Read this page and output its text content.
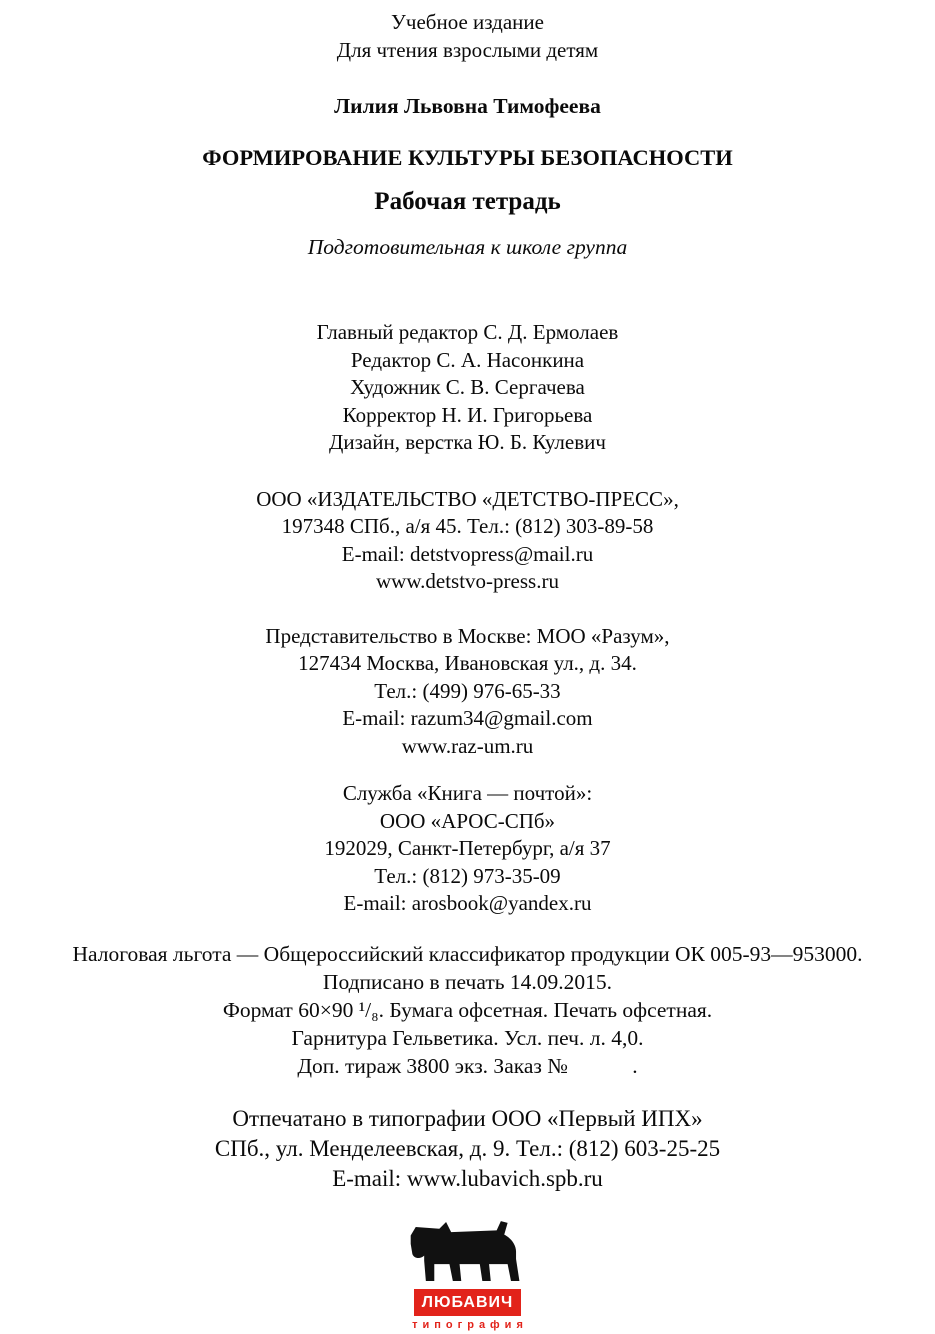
Учебное издание
Для чтения взрослыми детям
Лилия Львовна Тимофеева
ФОРМИРОВАНИЕ КУЛЬТУРЫ БЕЗОПАСНОСТИ
Рабочая тетрадь
Подготовительная к школе группа
Главный редактор С. Д. Ермолаев
Редактор С. А. Насонкина
Художник С. В. Сергачева
Корректор Н. И. Григорьева
Дизайн, верстка Ю. Б. Кулевич
ООО «ИЗДАТЕЛЬСТВО «ДЕТСТВО-ПРЕСС»,
197348 СПб., а/я 45. Тел.: (812) 303-89-58
E-mail: detstvopress@mail.ru
www.detstvo-press.ru
Представительство в Москве: МОО «Разум»,
127434 Москва, Ивановская ул., д. 34.
Тел.: (499) 976-65-33
E-mail: razum34@gmail.com
www.raz-um.ru
Служба «Книга — почтой»:
ООО «АРОС-СПб»
192029, Санкт-Петербург, а/я 37
Тел.: (812) 973-35-09
E-mail: arosbook@yandex.ru
Налоговая льгота — Общероссийский классификатор продукции ОК 005-93—953000.
Подписано в печать 14.09.2015.
Формат 60×90 ¹/₈. Бумага офсетная. Печать офсетная.
Гарнитура Гельветика. Усл. печ. л. 4,0.
Доп. тираж 3800 экз. Заказ №            .
Отпечатано в типографии ООО «Первый ИПХ»
СПб., ул. Менделеевская, д. 9. Тел.: (812) 603-25-25
E-mail: www.lubavich.spb.ru
ЛЮБАВИЧ
типография
